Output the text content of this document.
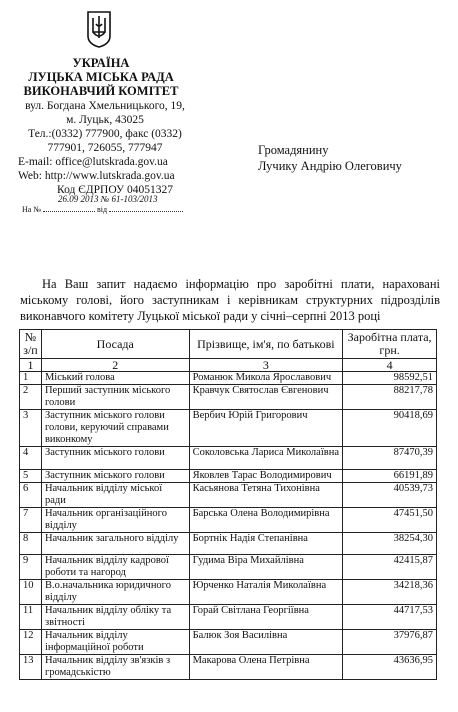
УКРАЇНА
ЛУЦЬКА МІСЬКА РАДА
ВИКОНАВЧИЙ КОМІТЕТ
вул. Богдана Хмельницького, 19,
м. Луцьк, 43025
Тел.:(0332) 777900, факс (0332)
777901, 726055, 777947
E-mail: office@lutskrada.gov.ua
Web: http://www.lutskrada.gov.ua
Код ЄДРПОУ 04051327
26.09 2013 № 61-103/2013
На №	від
Громадянину
Лучику Андрію Олеговичу
На Ваш запит надаємо інформацію про заробітні плати, нараховані міському голові, його заступникам і керівникам структурних підрозділів виконавчого комітету Луцької міської ради у січні–серпні 2013 році
№ з/п	Посада	Прізвище, ім'я, по батькові	Заробітна плата, грн.
1	2	3	4
1	Міський голова	Романюк Микола Ярославович	98592,51
2	Перший заступник міського голови	Кравчук Святослав Євгенович	88217,78
3	Заступник міського голови голови, керуючий справами виконкому	Вербич Юрій Григорович	90418,69
4	Заступник міського голови	Соколовська Лариса Миколаївна	87470,39
5	Заступник міського голови	Яковлев Тарас Володимирович	66191,89
6	Начальник відділу міської ради	Касьянова Тетяна Тихонівна	40539,73
7	Начальник організаційного відділу	Барська Олена Володимирівна	47451,50
8	Начальник загального відділу	Бортнік Надія Степанівна	38254,30
9	Начальник відділу кадрової роботи та нагород	Гудима Віра Михайлівна	42415,87
10	В.о.начальника юридичного відділу	Юрченко Наталія Миколаївна	34218,36
11	Начальник відділу обліку та звітності	Горай Світлана Георгіївна	44717,53
12	Начальник відділу інформаційної роботи	Балюк Зоя Василівна	37976,87
13	Начальник відділу зв'язків з громадськістю	Макарова Олена Петрівна	43636,95
